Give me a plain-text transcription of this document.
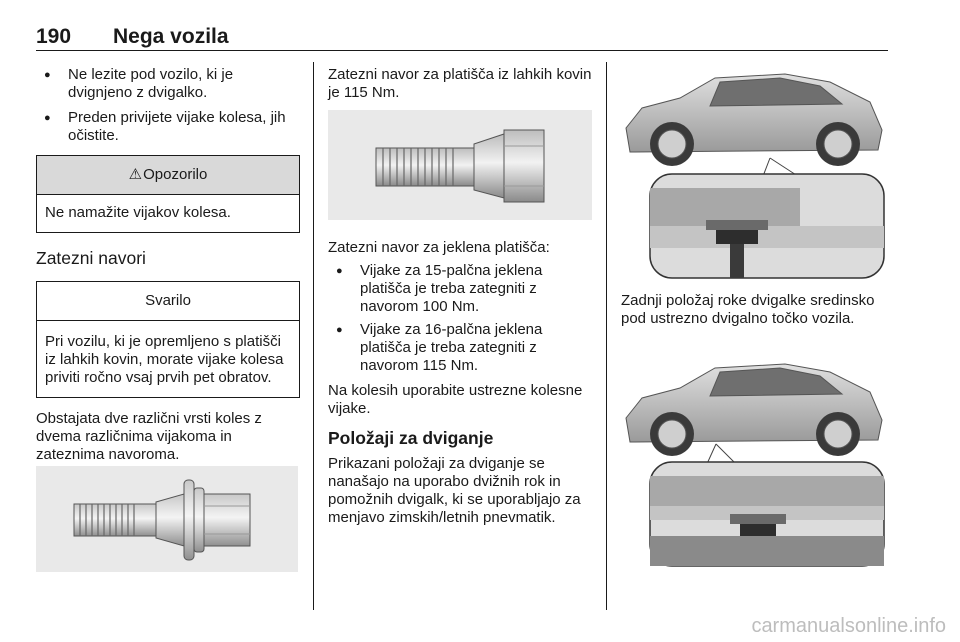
190 Nega vozila

● Ne lezite pod vozilo, ki je dvignjeno z dvigalko.

● Preden privijete vijake kolesa, jih očistite.

⚠Opozorilo

Ne namažite vijakov kolesa.

Zatezni navori
Svarilo

Pri vozilu, ki je opremljeno s platišči iz lahkih kovin, morate vijake kolesa priviti ročno vsaj prvih pet obratov.

Obstajata dve različni vrsti koles z dvema različnima vijakoma in zateznima navoroma.

Zatezni navor za platišča iz lahkih kovin je 115 Nm.

Zatezni navor za jeklena platišča:

● Vijake za 15-palčna jeklena platišča je treba zategniti z navorom 100 Nm.

● Vijake za 16-palčna jeklena platišča je treba zategniti z navorom 115 Nm.

Na kolesih uporabite ustrezne kolesne vijake.

Položaji za dviganje

Prikazani položaji za dviganje se nanašajo na uporabo dvižnih rok in pomožnih dvigalk, ki se uporabljajo za menjavo zimskih/letnih pnevmatik.

Zadnji položaj roke dvigalke sredinsko pod ustrezno dvigalno točko vozila.

carmanualsonline.info
